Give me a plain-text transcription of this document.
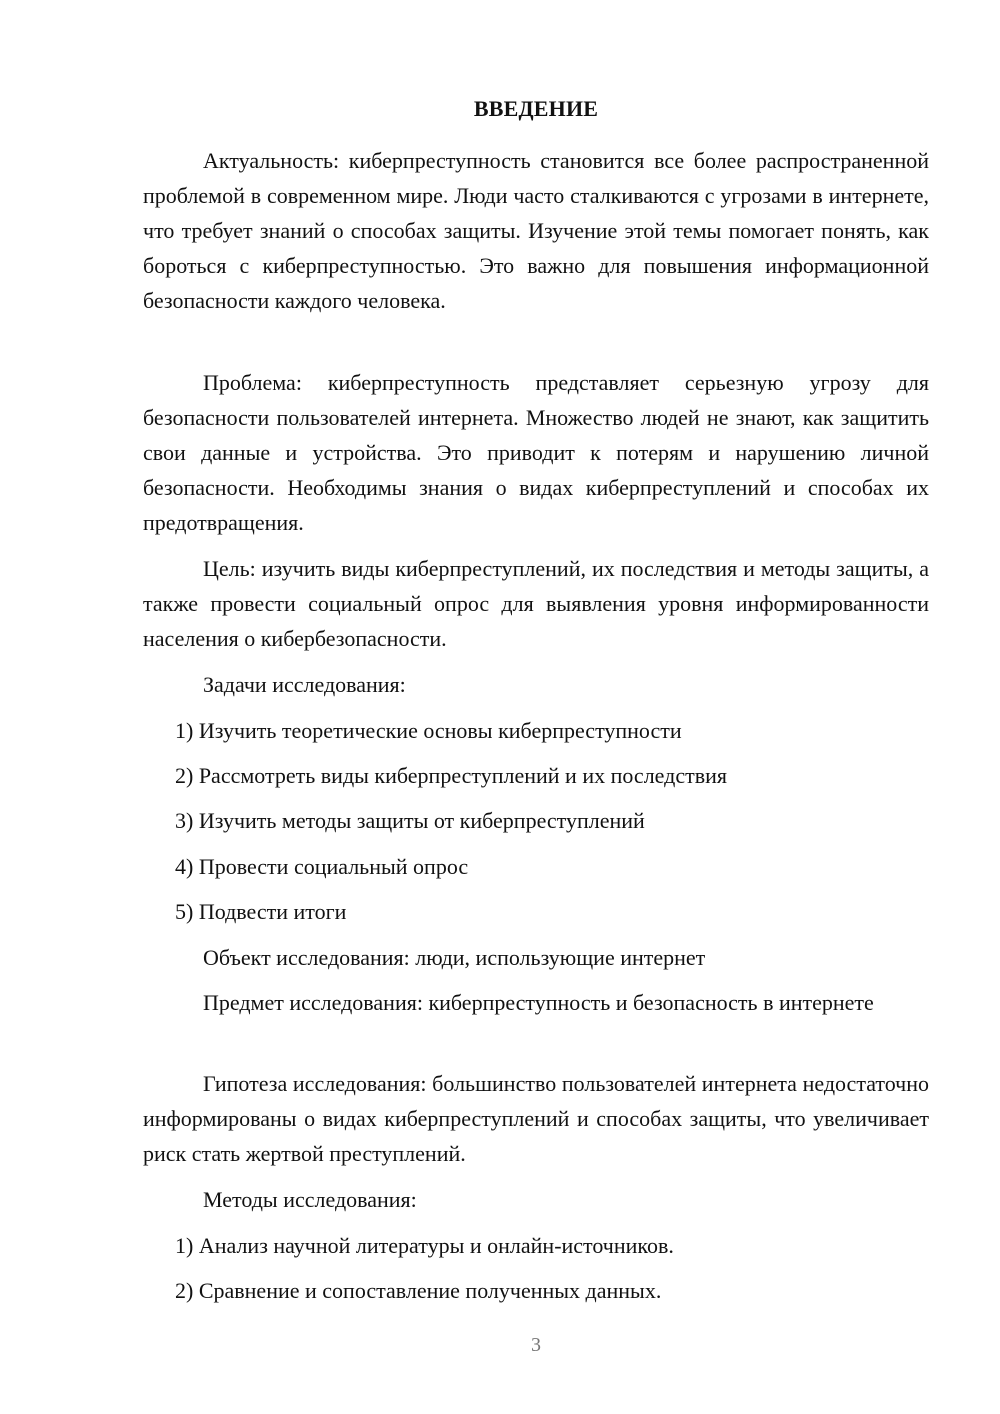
ВВЕДЕНИЕ

Актуальность: киберпреступность становится все более распространенной проблемой в современном мире. Люди часто сталкиваются с угрозами в интернете, что требует знаний о способах защиты. Изучение этой темы помогает понять, как бороться с киберпреступностью. Это важно для повышения информационной безопасности каждого человека.

Проблема: киберпреступность представляет серьезную угрозу для безопасности пользователей интернета. Множество людей не знают, как защитить свои данные и устройства. Это приводит к потерям и нарушению личной безопасности. Необходимы знания о видах киберпреступлений и способах их предотвращения.

Цель: изучить виды киберпреступлений, их последствия и методы защиты, а также провести социальный опрос для выявления уровня информированности населения о кибербезопасности.

Задачи исследования:
1) Изучить теоретические основы киберпреступности
2) Рассмотреть виды киберпреступлений и их последствия
3) Изучить методы защиты от киберпреступлений
4) Провести социальный опрос
5) Подвести итоги
Объект исследования: люди, использующие интернет

Предмет исследования: киберпреступность и безопасность в интернете

Гипотеза исследования: большинство пользователей интернета недостаточно информированы о видах киберпреступлений и способах защиты, что увеличивает риск стать жертвой преступлений.

Методы исследования:
1) Анализ научной литературы и онлайн-источников.
2) Сравнение и сопоставление полученных данных.
3
